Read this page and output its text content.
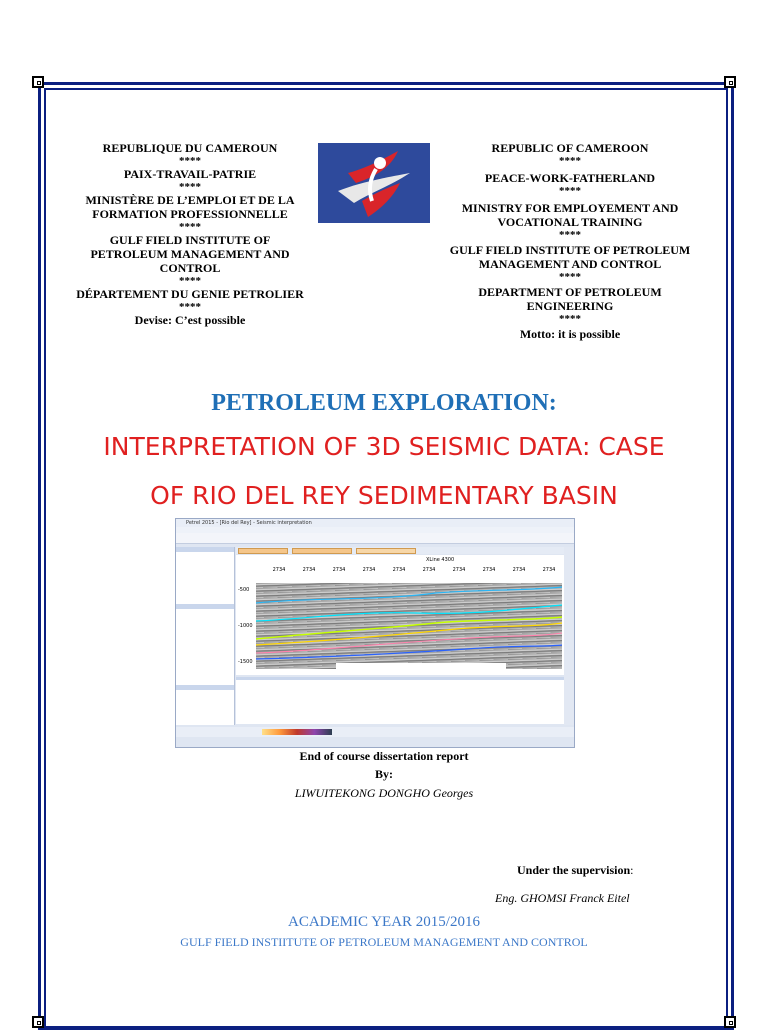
REPUBLIQUE DU CAMEROUN
****
PAIX-TRAVAIL-PATRIE
****
MINISTÈRE DE L’EMPLOI ET DE LA
FORMATION PROFESSIONNELLE
****
GULF FIELD INSTITUTE OF
PETROLEUM MANAGEMENT AND
CONTROL
****
DÉPARTEMENT DU GENIE PETROLIER
****
Devise: C’est possible
REPUBLIC OF CAMEROON
****
PEACE-WORK-FATHERLAND
****
MINISTRY FOR EMPLOYEMENT AND
VOCATIONAL TRAINING
****
GULF FIELD INSTITUTE OF PETROLEUM
MANAGEMENT AND CONTROL
****
DEPARTMENT OF PETROLEUM
ENGINEERING
****
Motto: it is possible
PETROLEUM EXPLORATION:
INTERPRETATION OF 3D SEISMIC DATA: CASE
OF RIO DEL REY SEDIMENTARY BASIN
Petrel 2015 - [Rio del Rey] - Seismic interpretation
XLine 4300
2734	2734	2734	2734	2734	2734	2734	2734	2734	2734
-500
-1000
-1500
End of course dissertation report
By:
LIWUITEKONG DONGHO Georges
Under the supervision:
Eng. GHOMSI Franck Eitel
ACADEMIC YEAR 2015/2016
GULF FIELD INSTIITUTE OF PETROLEUM MANAGEMENT AND CONTROL
